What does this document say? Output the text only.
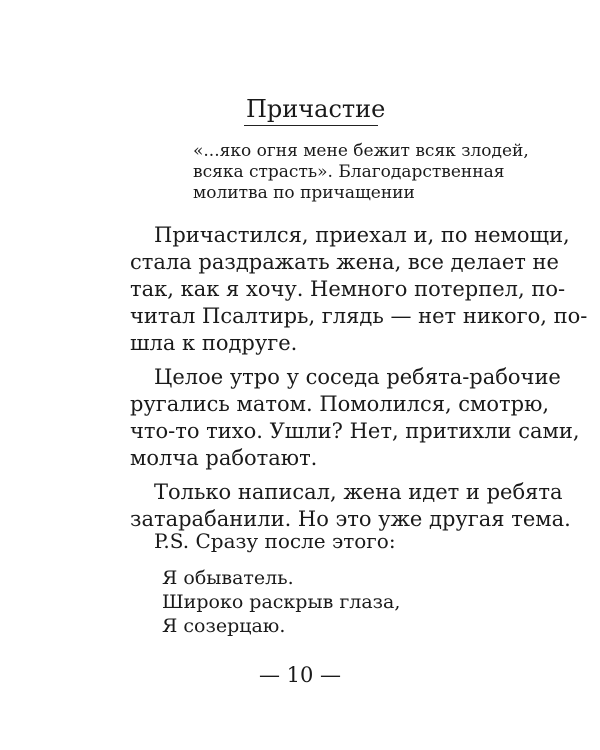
Причастие
«...яко огня мене бежит всяк злодей,
всяка страсть». Благодарственная
молитва по причащении

Причастился, приехал и, по немощи,
стала раздражать жена, все делает не
так, как я хочу. Немного потерпел, по-
читал Псалтирь, глядь — нет никого, по-
шла к подруге.

Целое утро у соседа ребята-рабочие
ругались матом. Помолился, смотрю,
что-то тихо. Ушли? Нет, притихли сами,
молча работают.

Только написал, жена идет и ребята
затарабанили. Но это уже другая тема.

P.S. Сразу после этого:

Я обыватель.
Широко раскрыв глаза,
Я созерцаю.

— 10 —
